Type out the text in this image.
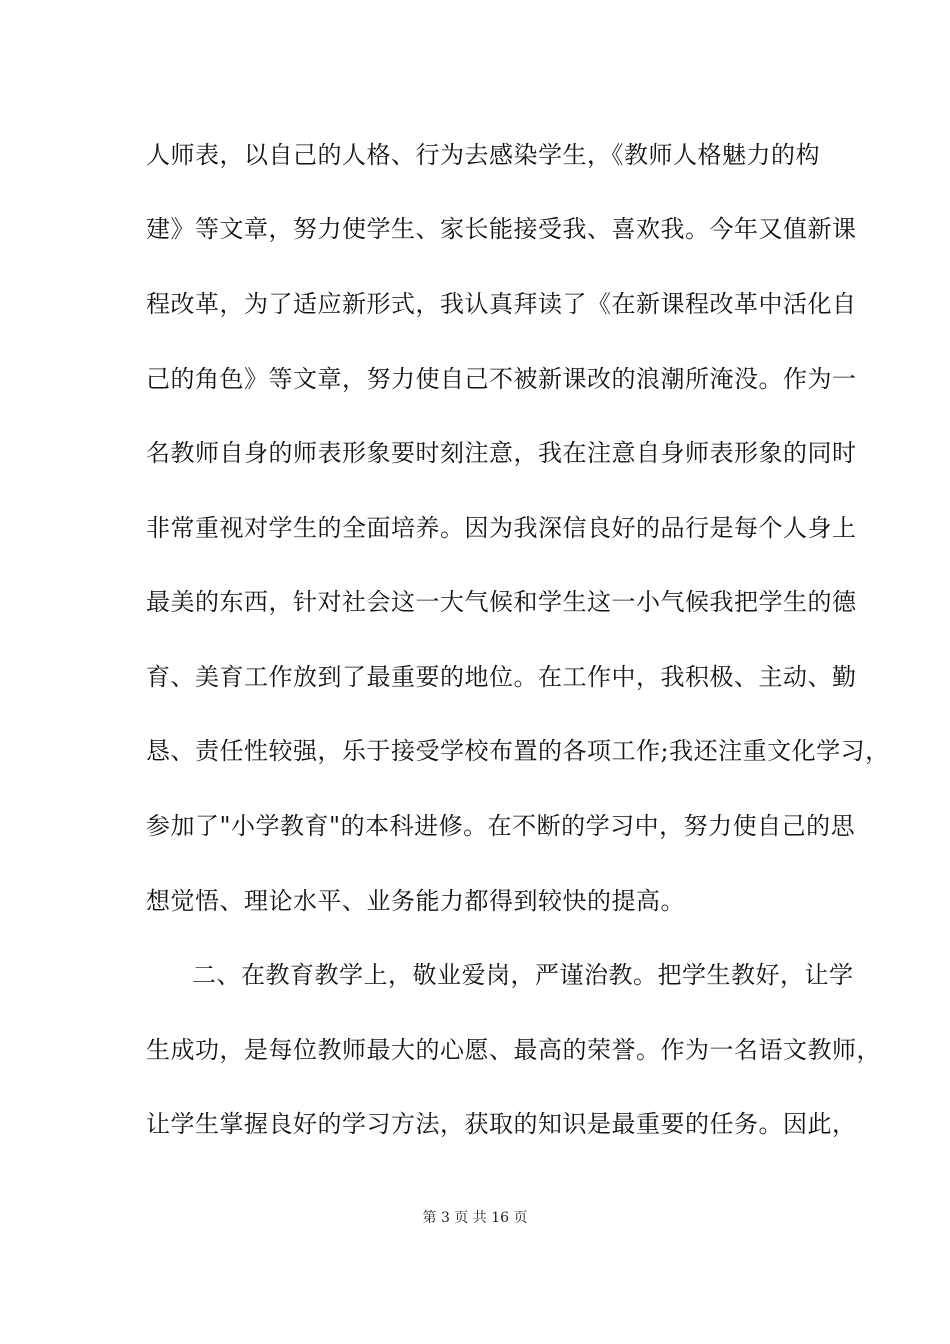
人师表，以自己的人格、行为去感染学生，《教师人格魅力的构
建》等文章，努力使学生、家长能接受我、喜欢我。今年又值新课
程改革，为了适应新形式，我认真拜读了《在新课程改革中活化自
己的角色》等文章，努力使自己不被新课改的浪潮所淹没。作为一
名教师自身的师表形象要时刻注意，我在注意自身师表形象的同时
非常重视对学生的全面培养。因为我深信良好的品行是每个人身上
最美的东西，针对社会这一大气候和学生这一小气候我把学生的德
育、美育工作放到了最重要的地位。在工作中，我积极、主动、勤
恳、责任性较强，乐于接受学校布置的各项工作;我还注重文化学习，
参加了"小学教育"的本科进修。在不断的学习中，努力使自己的思
想觉悟、理论水平、业务能力都得到较快的提高。
二、在教育教学上，敬业爱岗，严谨治教。把学生教好，让学
生成功，是每位教师最大的心愿、最高的荣誉。作为一名语文教师，
让学生掌握良好的学习方法，获取的知识是最重要的任务。因此，
第 3 页 共 16 页
